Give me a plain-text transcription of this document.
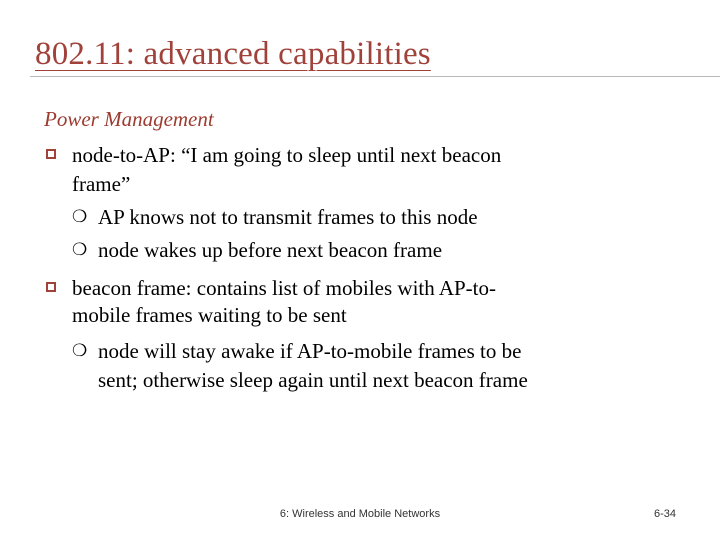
802.11: advanced capabilities
Power Management
node-to-AP: “I am going to sleep until next beacon
frame”
❍ AP knows not to transmit frames to this node
❍ node wakes up before next beacon frame
beacon frame: contains list of mobiles with AP-to-
mobile frames waiting to be sent
❍ node will stay awake if AP-to-mobile frames to be
sent; otherwise sleep again until next beacon frame
6: Wireless and Mobile Networks	6-34
